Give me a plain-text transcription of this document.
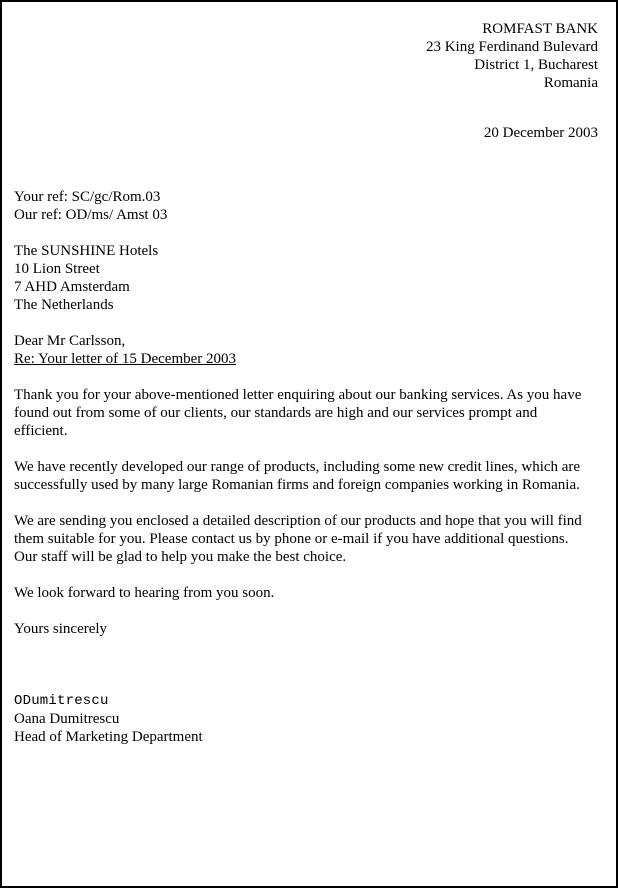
ROMFAST BANK
23 King Ferdinand Bulevard
District 1, Bucharest
Romania
20 December 2003
Your ref: SC/gc/Rom.03
Our ref: OD/ms/ Amst 03
The SUNSHINE Hotels
10 Lion Street
7 AHD Amsterdam
The Netherlands
Dear Mr Carlsson,
Re: Your letter of 15 December 2003

Thank you for your above-mentioned letter enquiring about our banking services. As you have found out from some of our clients, our standards are high and our services prompt and efficient.

We have recently developed our range of products, including some new credit lines, which are successfully used by many large Romanian firms and foreign companies working in Romania.

We are sending you enclosed a detailed description of our products and hope that you will find them suitable for you. Please contact us by phone or e-mail if you have additional questions. Our staff will be glad to help you make the best choice.

We look forward to hearing from you soon.

Yours sincerely
ODumitrescu
Oana Dumitrescu
Head of Marketing Department
